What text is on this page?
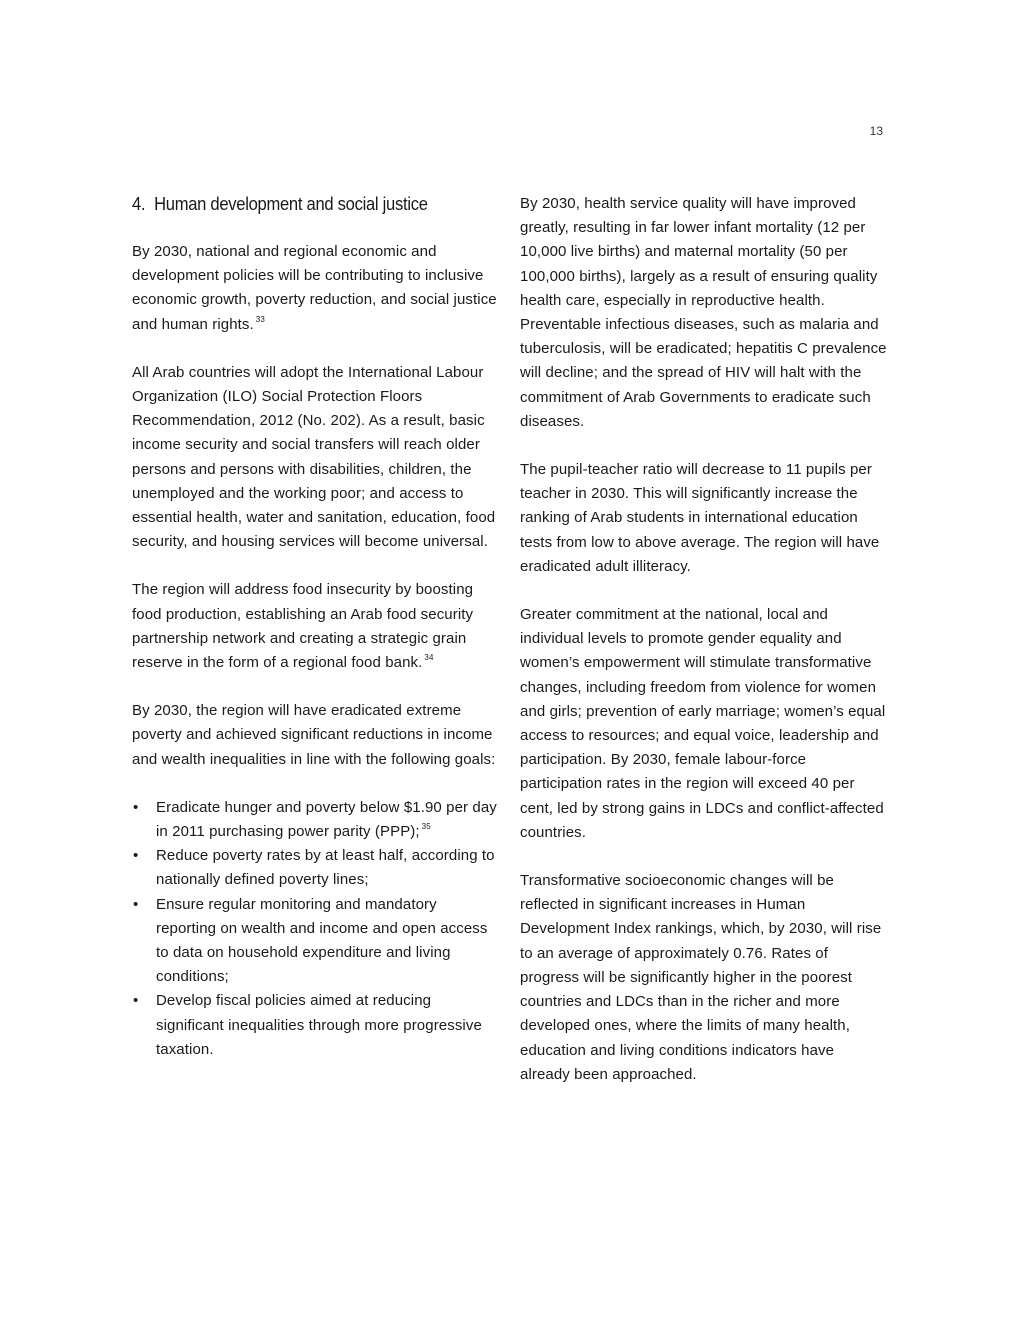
13
4. Human development and social justice

By 2030, national and regional economic and development policies will be contributing to inclusive economic growth, poverty reduction, and social justice and human rights. $^{33}$

All Arab countries will adopt the International Labour Organization (ILO) Social Protection Floors Recommendation, 2012 (No. 202). As a result, basic income security and social transfers will reach older persons and persons with disabilities, children, the unemployed and the working poor; and access to essential health, water and sanitation, education, food security, and housing services will become universal.

The region will address food insecurity by boosting food production, establishing an Arab food security partnership network and creating a strategic grain reserve in the form of a regional food bank. $^{34}$

By 2030, the region will have eradicated extreme poverty and achieved significant reductions in income and wealth inequalities in line with the following goals:

• Eradicate hunger and poverty below $1.90 per day in 2011 purchasing power parity (PPP); $^{35}$
• Reduce poverty rates by at least half, according to nationally defined poverty lines;
• Ensure regular monitoring and mandatory reporting on wealth and income and open access to data on household expenditure and living conditions;
• Develop fiscal policies aimed at reducing significant inequalities through more progressive taxation.

By 2030, health service quality will have improved greatly, resulting in far lower infant mortality (12 per 10,000 live births) and maternal mortality (50 per 100,000 births), largely as a result of ensuring quality health care, especially in reproductive health. Preventable infectious diseases, such as malaria and tuberculosis, will be eradicated; hepatitis C prevalence will decline; and the spread of HIV will halt with the commitment of Arab Governments to eradicate such diseases.

The pupil-teacher ratio will decrease to 11 pupils per teacher in 2030. This will significantly increase the ranking of Arab students in international education tests from low to above average. The region will have eradicated adult illiteracy.

Greater commitment at the national, local and individual levels to promote gender equality and women’s empowerment will stimulate transformative changes, including freedom from violence for women and girls; prevention of early marriage; women’s equal access to resources; and equal voice, leadership and participation. By 2030, female labour-force participation rates in the region will exceed 40 per cent, led by strong gains in LDCs and conflict-affected countries.

Transformative socioeconomic changes will be reflected in significant increases in Human Development Index rankings, which, by 2030, will rise to an average of approximately 0.76. Rates of progress will be significantly higher in the poorest countries and LDCs than in the richer and more developed ones, where the limits of many health, education and living conditions indicators have already been approached.
